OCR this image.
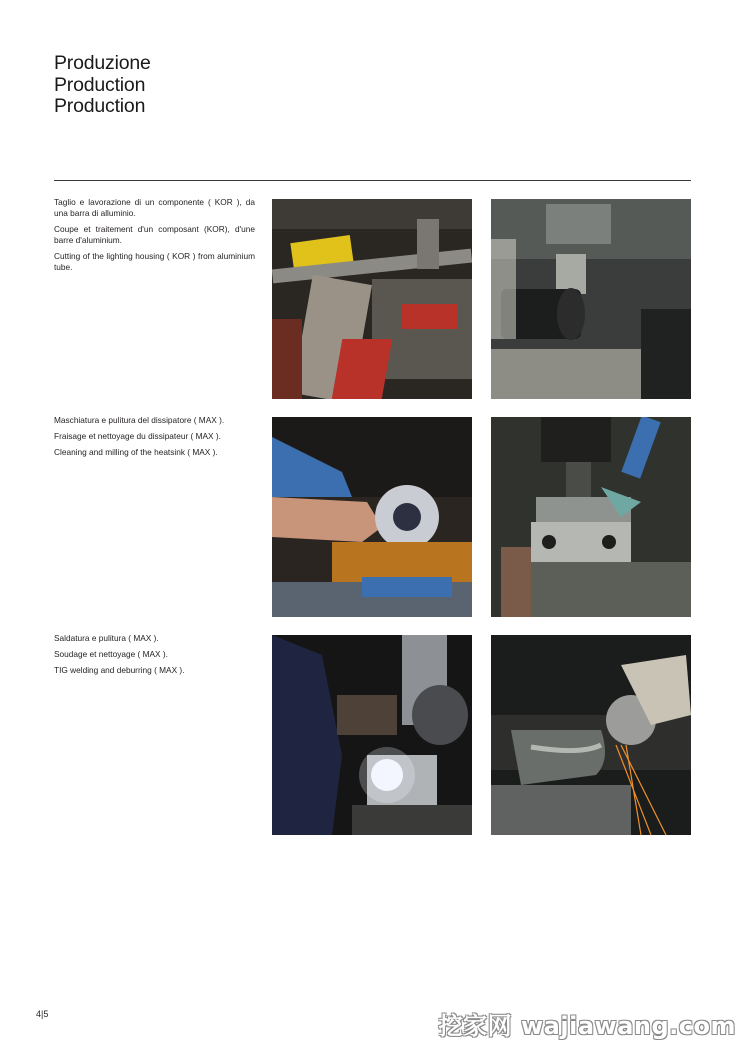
Produzione
Production
Production

Taglio e lavorazione di un componente ( KOR ), da una barra di alluminio.

Coupe et traitement d'un composant (KOR), d'une barre d'aluminium.

Cutting of the lighting housing ( KOR ) from aluminium tube.

Maschiatura e pulitura del dissipatore ( MAX ).

Fraisage et nettoyage du dissipateur ( MAX ).

Cleaning and milling of the heatsink ( MAX ).

Saldatura e pulitura ( MAX ).

Soudage et nettoyage ( MAX ).

TIG welding and deburring ( MAX ).

4|5	挖家网 wajiawang.com
